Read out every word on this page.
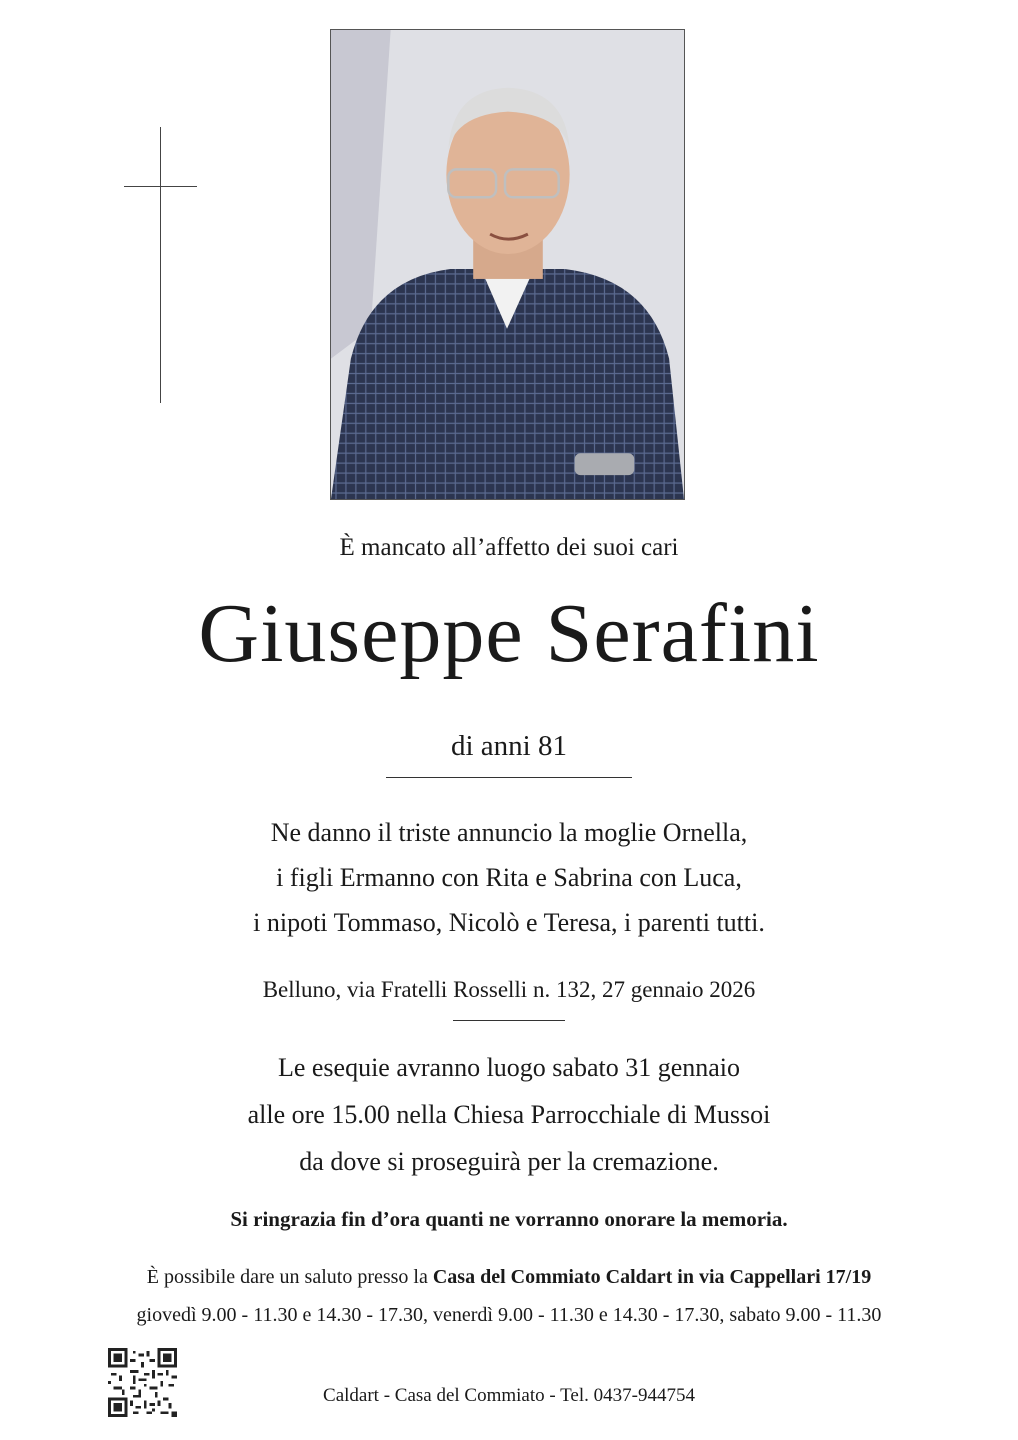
È mancato all’affetto dei suoi cari
Giuseppe Serafini
di anni 81
Ne danno il triste annuncio la moglie Ornella,
i figli Ermanno con Rita e Sabrina con Luca,
i nipoti Tommaso, Nicolò e Teresa, i parenti tutti.
Belluno, via Fratelli Rosselli n. 132, 27 gennaio 2026
Le esequie avranno luogo sabato 31 gennaio
alle ore 15.00 nella Chiesa Parrocchiale di Mussoi
da dove si proseguirà per la cremazione.
Si ringrazia fin d’ora quanti ne vorranno onorare la memoria.
È possibile dare un saluto presso la Casa del Commiato Caldart in via Cappellari 17/19
giovedì 9.00 - 11.30 e 14.30 - 17.30, venerdì 9.00 - 11.30 e 14.30 - 17.30, sabato 9.00 - 11.30
Caldart - Casa del Commiato - Tel. 0437-944754
